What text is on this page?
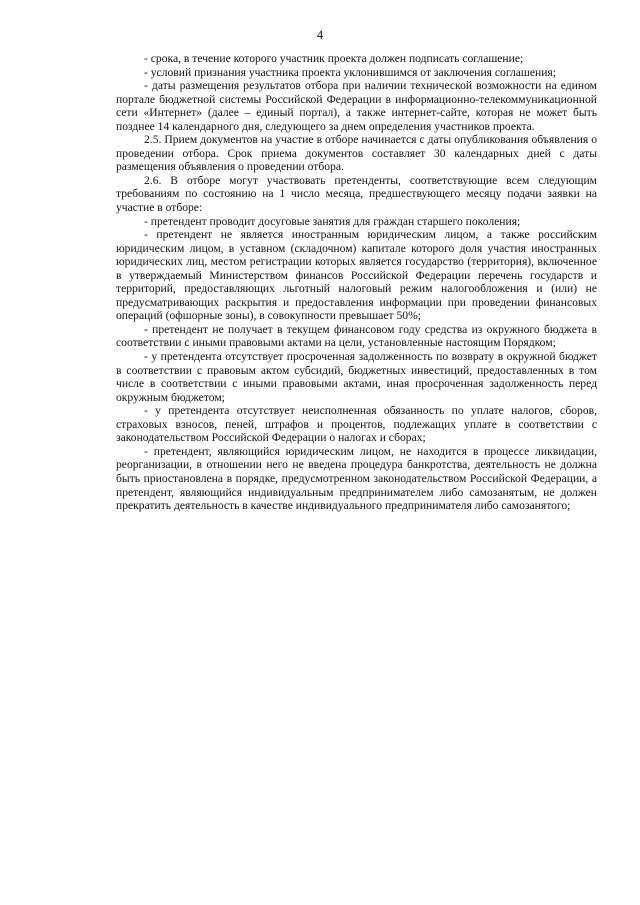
4

- срока, в течение которого участник проекта должен подписать соглашение;

- условий признания участника проекта уклонившимся от заключения соглашения;

- даты размещения результатов отбора при наличии технической возможности на едином портале бюджетной системы Российской Федерации в информационно-телекоммуникационной сети «Интернет» (далее – единый портал), а также интернет-сайте, которая не может быть позднее 14 календарного дня, следующего за днем определения участников проекта.

2.5. Прием документов на участие в отборе начинается с даты опубликования объявления о проведении отбора. Срок приема документов составляет 30 календарных дней с даты размещения объявления о проведении отбора.

2.6. В отборе могут участвовать претенденты, соответствующие всем следующим требованиям по состоянию на 1 число месяца, предшествующего месяцу подачи заявки на участие в отборе:

- претендент проводит досуговые занятия для граждан старшего поколения;

- претендент не является иностранным юридическим лицом, а также российским юридическим лицом, в уставном (складочном) капитале которого доля участия иностранных юридических лиц, местом регистрации которых является государство (территория), включенное в утверждаемый Министерством финансов Российской Федерации перечень государств и территорий, предоставляющих льготный налоговый режим налогообложения и (или) не предусматривающих раскрытия и предоставления информации при проведении финансовых операций (офшорные зоны), в совокупности превышает 50%;

- претендент не получает в текущем финансовом году средства из окружного бюджета в соответствии с иными правовыми актами на цели, установленные настоящим Порядком;

- у претендента отсутствует просроченная задолженность по возврату в окружной бюджет в соответствии с правовым актом субсидий, бюджетных инвестиций, предоставленных в том числе в соответствии с иными правовыми актами, иная просроченная задолженность перед окружным бюджетом;

- у претендента отсутствует неисполненная обязанность по уплате налогов, сборов, страховых взносов, пеней, штрафов и процентов, подлежащих уплате в соответствии с законодательством Российской Федерации о налогах и сборах;

- претендент, являющийся юридическим лицом, не находится в процессе ликвидации, реорганизации, в отношении него не введена процедура банкротства, деятельность не должна быть приостановлена в порядке, предусмотренном законодательством Российской Федерации, а претендент, являющийся индивидуальным предпринимателем либо самозанятым, не должен прекратить деятельность в качестве индивидуального предпринимателя либо самозанятого;
